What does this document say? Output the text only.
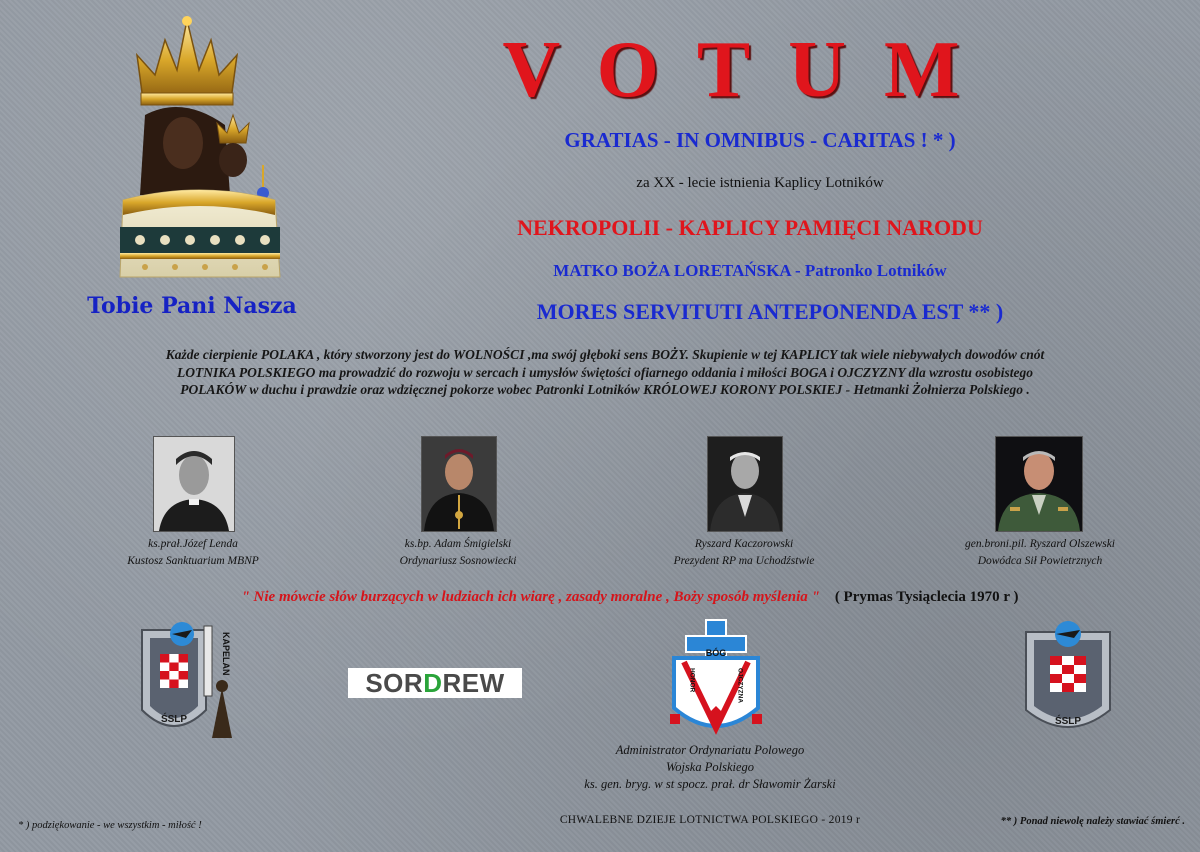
Tobie Pani Nasza
VOTUM
GRATIAS - IN OMNIBUS - CARITAS ! * )
za XX - lecie istnienia Kaplicy Lotników
NEKROPOLII - KAPLICY PAMIĘCI NARODU
MATKO BOŻA LORETAŃSKA - Patronko Lotników
MORES SERVITUTI ANTEPONENDA EST ** )
Każde cierpienie POLAKA , który stworzony jest do WOLNOŚCI ,ma swój głęboki sens BOŻY. Skupienie w tej KAPLICY tak wiele niebywałych dowodów cnót LOTNIKA POLSKIEGO ma prowadzić do rozwoju w sercach i umysłów świętości ofiarnego oddania i miłości BOGA i OJCZYZNY dla wzrostu osobistego POLAKÓW w duchu i prawdzie oraz wdzięcznej pokorze wobec Patronki Lotników KRÓLOWEJ KORONY POLSKIEJ - Hetmanki Żołnierza Polskiego .
ks.prał.Józef Lenda
Kustosz Sanktuarium MBNP
ks.bp. Adam Śmigielski
Ordynariusz Sosnowiecki
Ryszard Kaczorowski
Prezydent RP ma Uchodźstwie
gen.broni.pil. Ryszard Olszewski
Dowódca Sił Powietrznych
" Nie mówcie słów burzących w ludziach ich wiarę , zasady moralne , Boży sposób myślenia " ( Prymas Tysiąclecia 1970 r )
ŚSLP
KAPELAN
SORDREW
BÓG
HONOR	OJCZYZNA
ŚSLP
Administrator Ordynariatu Polowego
Wojska Polskiego
ks. gen. bryg. w st spocz. prał. dr Sławomir Żarski
* ) podziękowanie - we wszystkim - miłość !	CHWALEBNE DZIEJE LOTNICTWA POLSKIEGO - 2019 r	** ) Ponad niewolę należy stawiać śmierć .
